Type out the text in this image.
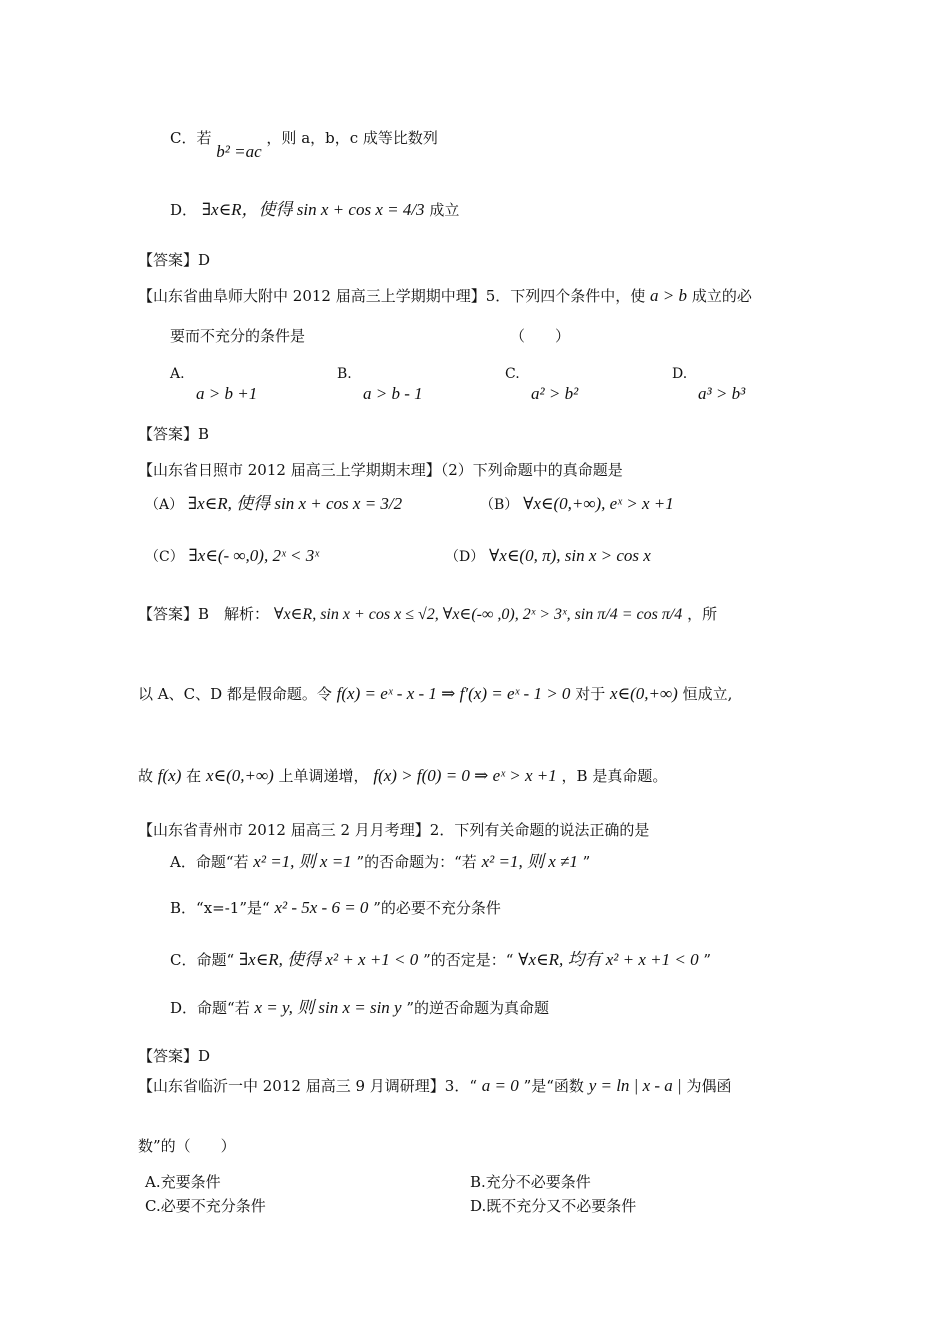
C．若 b² =ac ，则 a，b，c 成等比数列
D． ∃x∈R，使得 sin x + cos x = 4/3 成立
【答案】D
【山东省曲阜师大附中 2012 届高三上学期期中理】5．下列四个条件中，使 a > b 成立的必
要而不充分的条件是	（　　）
A.
a > b +1
B.
a > b - 1
C.
a² > b²
D.
a³ > b³
【答案】B
【山东省日照市 2012 届高三上学期期末理】（2）下列命题中的真命题是
（A） ∃x∈R, 使得 sin x + cos x = 3/2	（B） ∀x∈(0,+∞), eˣ > x +1
（C） ∃x∈(- ∞,0), 2ˣ < 3ˣ	（D） ∀x∈(0, π), sin x > cos x
【答案】B　解析： ∀x∈R, sin x + cos x ≤ √2, ∀x∈(-∞ ,0), 2ˣ > 3ˣ, sin π/4 = cos π/4 ，所
以 A、C、D 都是假命题。令 f(x) = eˣ - x - 1 ⇒ f′(x) = eˣ - 1 > 0 对于 x∈(0,+∞) 恒成立,
故 f(x) 在 x∈(0,+∞) 上单调递增， f(x) > f(0) = 0 ⇒ eˣ > x +1 ，B 是真命题。
【山东省青州市 2012 届高三 2 月月考理】2．下列有关命题的说法正确的是
A．命题“若 x² =1, 则 x =1 ”的否命题为：“若 x² =1, 则 x ≠1 ”
B．“x=-1”是“ x² - 5x - 6 = 0 ”的必要不充分条件
C．命题“ ∃x∈R, 使得 x² + x +1 < 0 ”的否定是：“ ∀x∈R, 均有 x² + x +1 < 0 ”
D．命题“若 x = y, 则 sin x = sin y ”的逆否命题为真命题
【答案】D
【山东省临沂一中 2012 届高三 9 月调研理】3．“ a = 0 ”是“函数 y = ln | x - a | 为偶函
数”的（　　）
A.充要条件	B.充分不必要条件
C.必要不充分条件	D.既不充分又不必要条件
